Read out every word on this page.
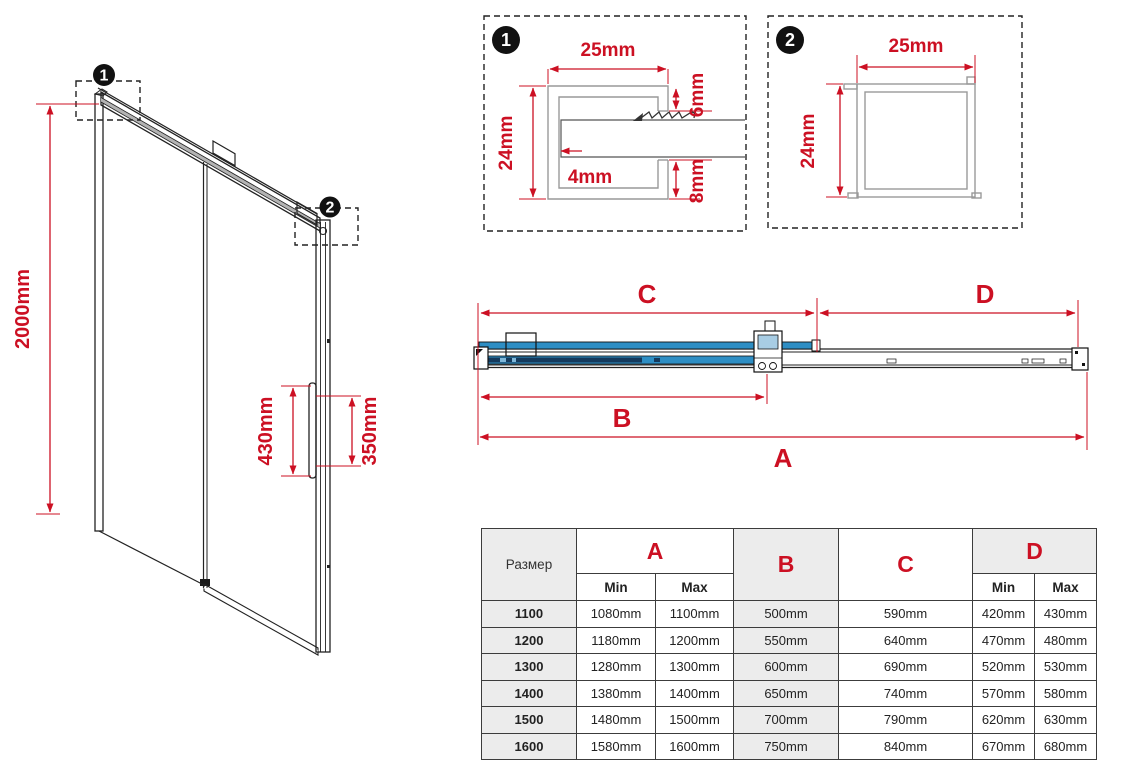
1
2
2000mm
430mm	350mm
1	25mm
24mm
6mm
4mm	8mm
2	25mm
24mm
C	D
B
A
Размер	A		B	C	D	
	Min	Max			Min	Max
1100	1080mm	1100mm	500mm	590mm	420mm	430mm
1200	1180mm	1200mm	550mm	640mm	470mm	480mm
1300	1280mm	1300mm	600mm	690mm	520mm	530mm
1400	1380mm	1400mm	650mm	740mm	570mm	580mm
1500	1480mm	1500mm	700mm	790mm	620mm	630mm
1600	1580mm	1600mm	750mm	840mm	670mm	680mm
